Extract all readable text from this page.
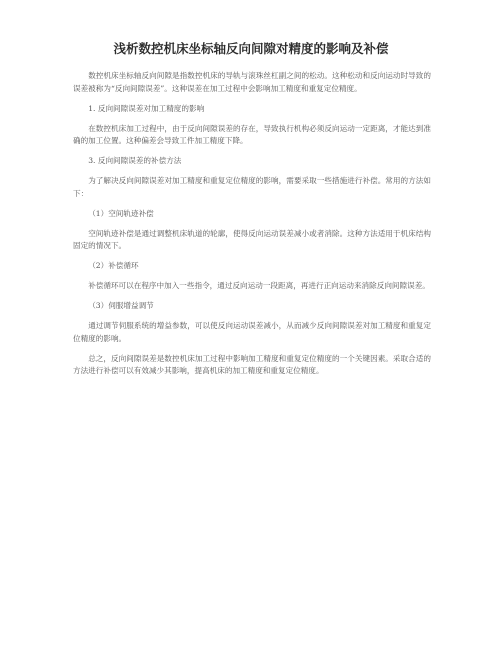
浅析数控机床坐标轴反向间隙对精度的影响及补偿

数控机床坐标轴反向间隙是指数控机床的导轨与滚珠丝杠副之间的松动。这种松动和反向运动时导致的误差被称为“反向间隙误差”。这种误差在加工过程中会影响加工精度和重复定位精度。

1. 反向间隙误差对加工精度的影响

在数控机床加工过程中，由于反向间隙误差的存在，导致执行机构必须反向运动一定距离，才能达到准确的加工位置。这种偏差会导致工件加工精度下降。

3. 反向间隙误差的补偿方法

为了解决反向间隙误差对加工精度和重复定位精度的影响，需要采取一些措施进行补偿。常用的方法如下：

（1）空间轨迹补偿

空间轨迹补偿是通过调整机床轨道的轮廓，使得反向运动误差减小或者消除。这种方法适用于机床结构固定的情况下。

（2）补偿循环

补偿循环可以在程序中加入一些指令，通过反向运动一段距离，再进行正向运动来消除反向间隙误差。

（3）伺服增益调节

通过调节伺服系统的增益参数，可以使反向运动误差减小，从而减少反向间隙误差对加工精度和重复定位精度的影响。

总之，反向间隙误差是数控机床加工过程中影响加工精度和重复定位精度的一个关键因素。采取合适的方法进行补偿可以有效减少其影响，提高机床的加工精度和重复定位精度。
